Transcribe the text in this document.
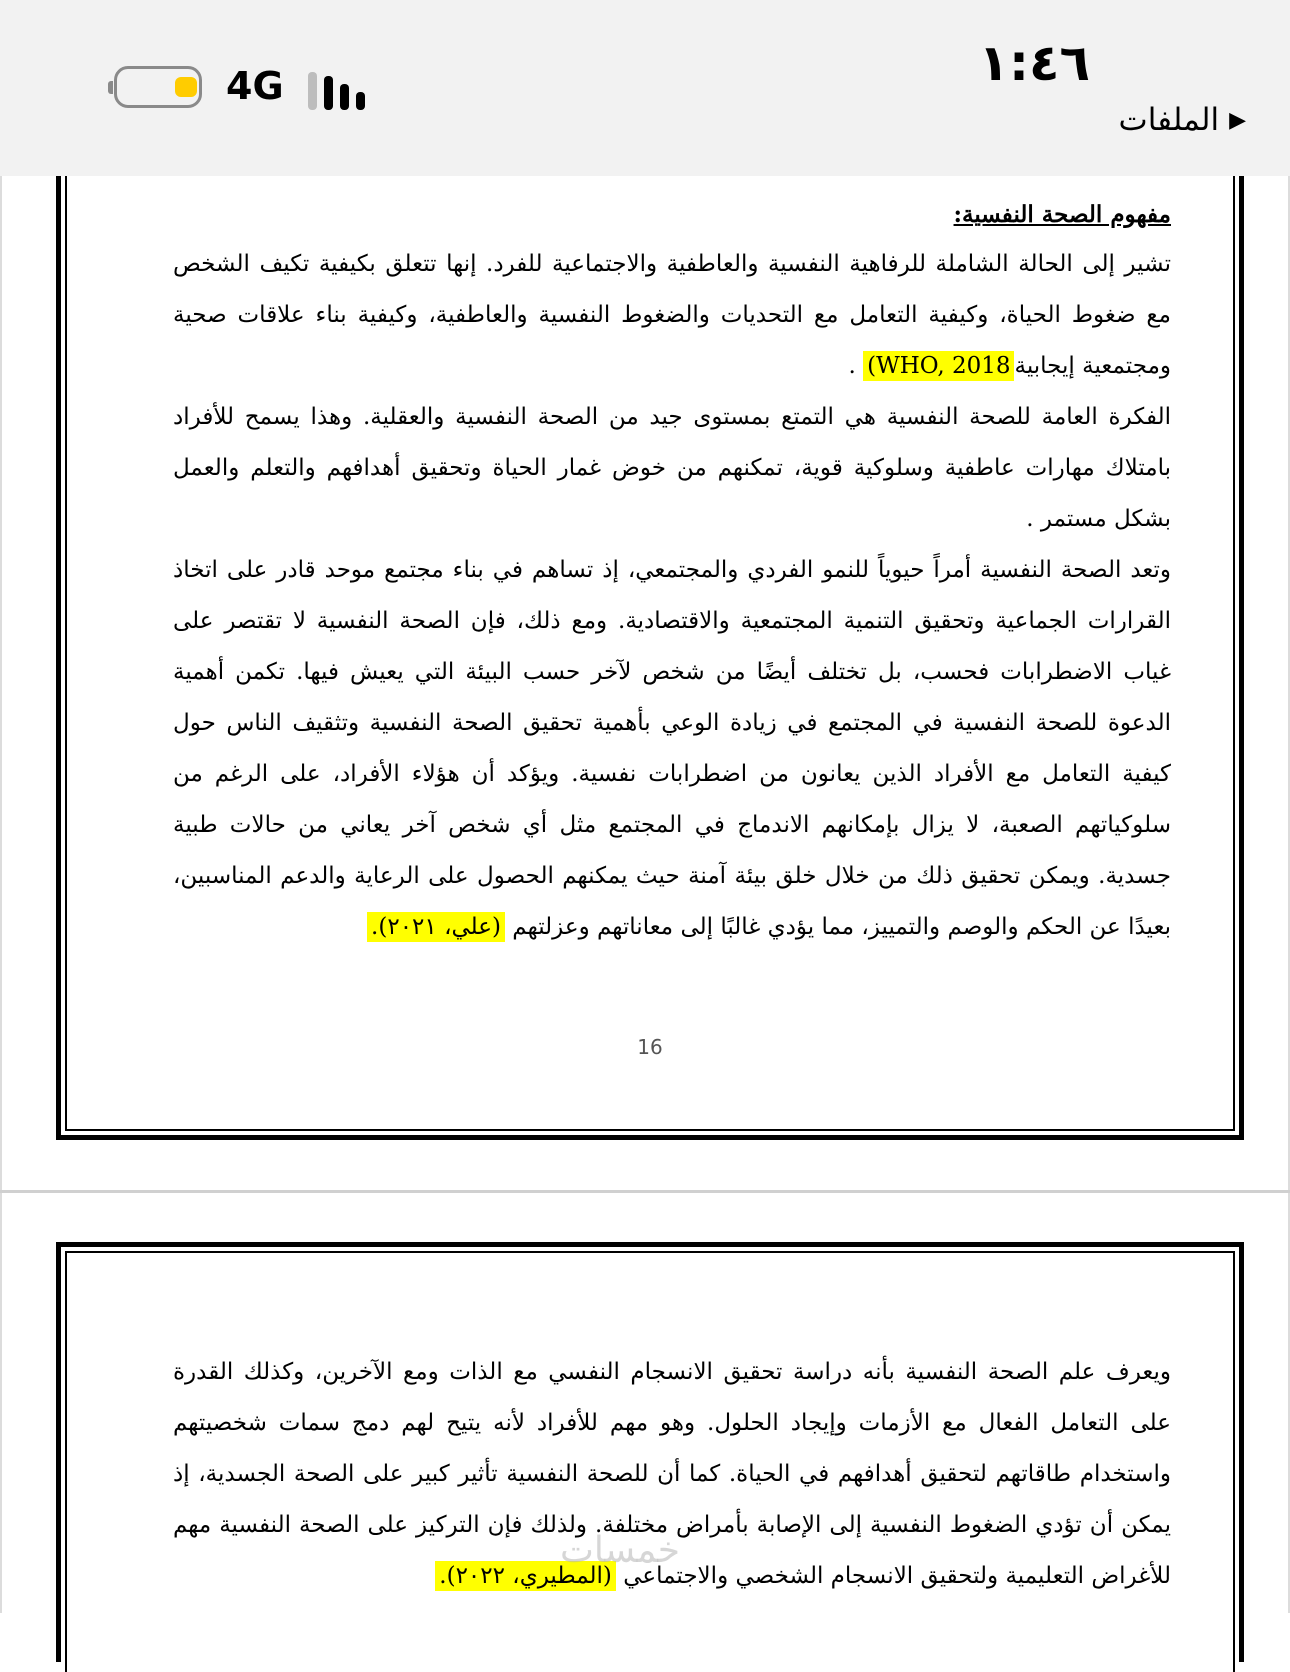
١:٤٦
▶
الملفات
4G

مفهوم الصحة النفسية:

تشير إلى الحالة الشاملة للرفاهية النفسية والعاطفية والاجتماعية للفرد. إنها تتعلق بكيفية تكيف الشخص مع ضغوط الحياة، وكيفية التعامل مع التحديات والضغوط النفسية والعاطفية، وكيفية بناء علاقات صحية ومجتمعية إيجابية(WHO, 2018 .

الفكرة العامة للصحة النفسية هي التمتع بمستوى جيد من الصحة النفسية والعقلية. وهذا يسمح للأفراد بامتلاك مهارات عاطفية وسلوكية قوية، تمكنهم من خوض غمار الحياة وتحقيق أهدافهم والتعلم والعمل بشكل مستمر .

وتعد الصحة النفسية أمراً حيوياً للنمو الفردي والمجتمعي، إذ تساهم في بناء مجتمع موحد قادر على اتخاذ القرارات الجماعية وتحقيق التنمية المجتمعية والاقتصادية. ومع ذلك، فإن الصحة النفسية لا تقتصر على غياب الاضطرابات فحسب، بل تختلف أيضًا من شخص لآخر حسب البيئة التي يعيش فيها. تكمن أهمية الدعوة للصحة النفسية في المجتمع في زيادة الوعي بأهمية تحقيق الصحة النفسية وتثقيف الناس حول كيفية التعامل مع الأفراد الذين يعانون من اضطرابات نفسية. ويؤكد أن هؤلاء الأفراد، على الرغم من سلوكياتهم الصعبة، لا يزال بإمكانهم الاندماج في المجتمع مثل أي شخص آخر يعاني من حالات طبية جسدية. ويمكن تحقيق ذلك من خلال خلق بيئة آمنة حيث يمكنهم الحصول على الرعاية والدعم المناسبين، بعيدًا عن الحكم والوصم والتمييز، مما يؤدي غالبًا إلى معاناتهم وعزلتهم (علي، ٢٠٢١).

16

ويعرف علم الصحة النفسية بأنه دراسة تحقيق الانسجام النفسي مع الذات ومع الآخرين، وكذلك القدرة على التعامل الفعال مع الأزمات وإيجاد الحلول. وهو مهم للأفراد لأنه يتيح لهم دمج سمات شخصيتهم واستخدام طاقاتهم لتحقيق أهدافهم في الحياة. كما أن للصحة النفسية تأثير كبير على الصحة الجسدية، إذ يمكن أن تؤدي الضغوط النفسية إلى الإصابة بأمراض مختلفة. ولذلك فإن التركيز على الصحة النفسية مهم للأغراض التعليمية ولتحقيق الانسجام الشخصي والاجتماعي (المطيري، ٢٠٢٢).

خمسات
